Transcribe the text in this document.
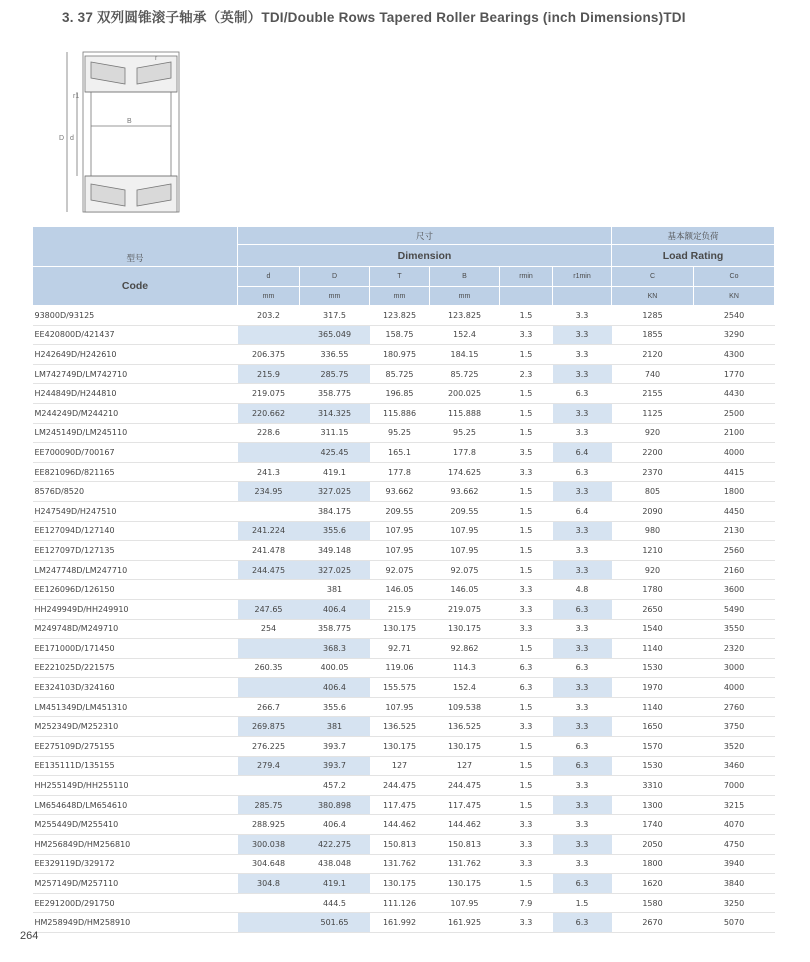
3. 37 双列圆锥滚子轴承（英制）TDI/Double Rows Tapered Roller Bearings (inch Dimensions)TDI
B
D d
r
r1
型号	尺寸						基本额定负荷	
	Dimension						Load Rating	
Code	d	D	T	B	rmin	r1min	C	Co
	mm	mm	mm	mm			KN	KN
93800D/93125	203.2	317.5	123.825	123.825	1.5	3.3	1285	2540
EE420800D/421437		365.049	158.75	152.4	3.3	3.3	1855	3290
H242649D/H242610	206.375	336.55	180.975	184.15	1.5	3.3	2120	4300
LM742749D/LM742710	215.9	285.75	85.725	85.725	2.3	3.3	740	1770
H244849D/H244810	219.075	358.775	196.85	200.025	1.5	6.3	2155	4430
M244249D/M244210	220.662	314.325	115.886	115.888	1.5	3.3	1125	2500
LM245149D/LM245110	228.6	311.15	95.25	95.25	1.5	3.3	920	2100
EE700090D/700167		425.45	165.1	177.8	3.5	6.4	2200	4000
EE821096D/821165	241.3	419.1	177.8	174.625	3.3	6.3	2370	4415
8576D/8520	234.95	327.025	93.662	93.662	1.5	3.3	805	1800
H247549D/H247510		384.175	209.55	209.55	1.5	6.4	2090	4450
EE127094D/127140	241.224	355.6	107.95	107.95	1.5	3.3	980	2130
EE127097D/127135	241.478	349.148	107.95	107.95	1.5	3.3	1210	2560
LM247748D/LM247710	244.475	327.025	92.075	92.075	1.5	3.3	920	2160
EE126096D/126150		381	146.05	146.05	3.3	4.8	1780	3600
HH249949D/HH249910	247.65	406.4	215.9	219.075	3.3	6.3	2650	5490
M249748D/M249710	254	358.775	130.175	130.175	3.3	3.3	1540	3550
EE171000D/171450		368.3	92.71	92.862	1.5	3.3	1140	2320
EE221025D/221575	260.35	400.05	119.06	114.3	6.3	6.3	1530	3000
EE324103D/324160		406.4	155.575	152.4	6.3	3.3	1970	4000
LM451349D/LM451310	266.7	355.6	107.95	109.538	1.5	3.3	1140	2760
M252349D/M252310	269.875	381	136.525	136.525	3.3	3.3	1650	3750
EE275109D/275155	276.225	393.7	130.175	130.175	1.5	6.3	1570	3520
EE135111D/135155	279.4	393.7	127	127	1.5	6.3	1530	3460
HH255149D/HH255110		457.2	244.475	244.475	1.5	3.3	3310	7000
LM654648D/LM654610	285.75	380.898	117.475	117.475	1.5	3.3	1300	3215
M255449D/M255410	288.925	406.4	144.462	144.462	3.3	3.3	1740	4070
HM256849D/HM256810	300.038	422.275	150.813	150.813	3.3	3.3	2050	4750
EE329119D/329172	304.648	438.048	131.762	131.762	3.3	3.3	1800	3940
M257149D/M257110	304.8	419.1	130.175	130.175	1.5	6.3	1620	3840
EE291200D/291750		444.5	111.126	107.95	7.9	1.5	1580	3250
HM258949D/HM258910		501.65	161.992	161.925	3.3	6.3	2670	5070
264
